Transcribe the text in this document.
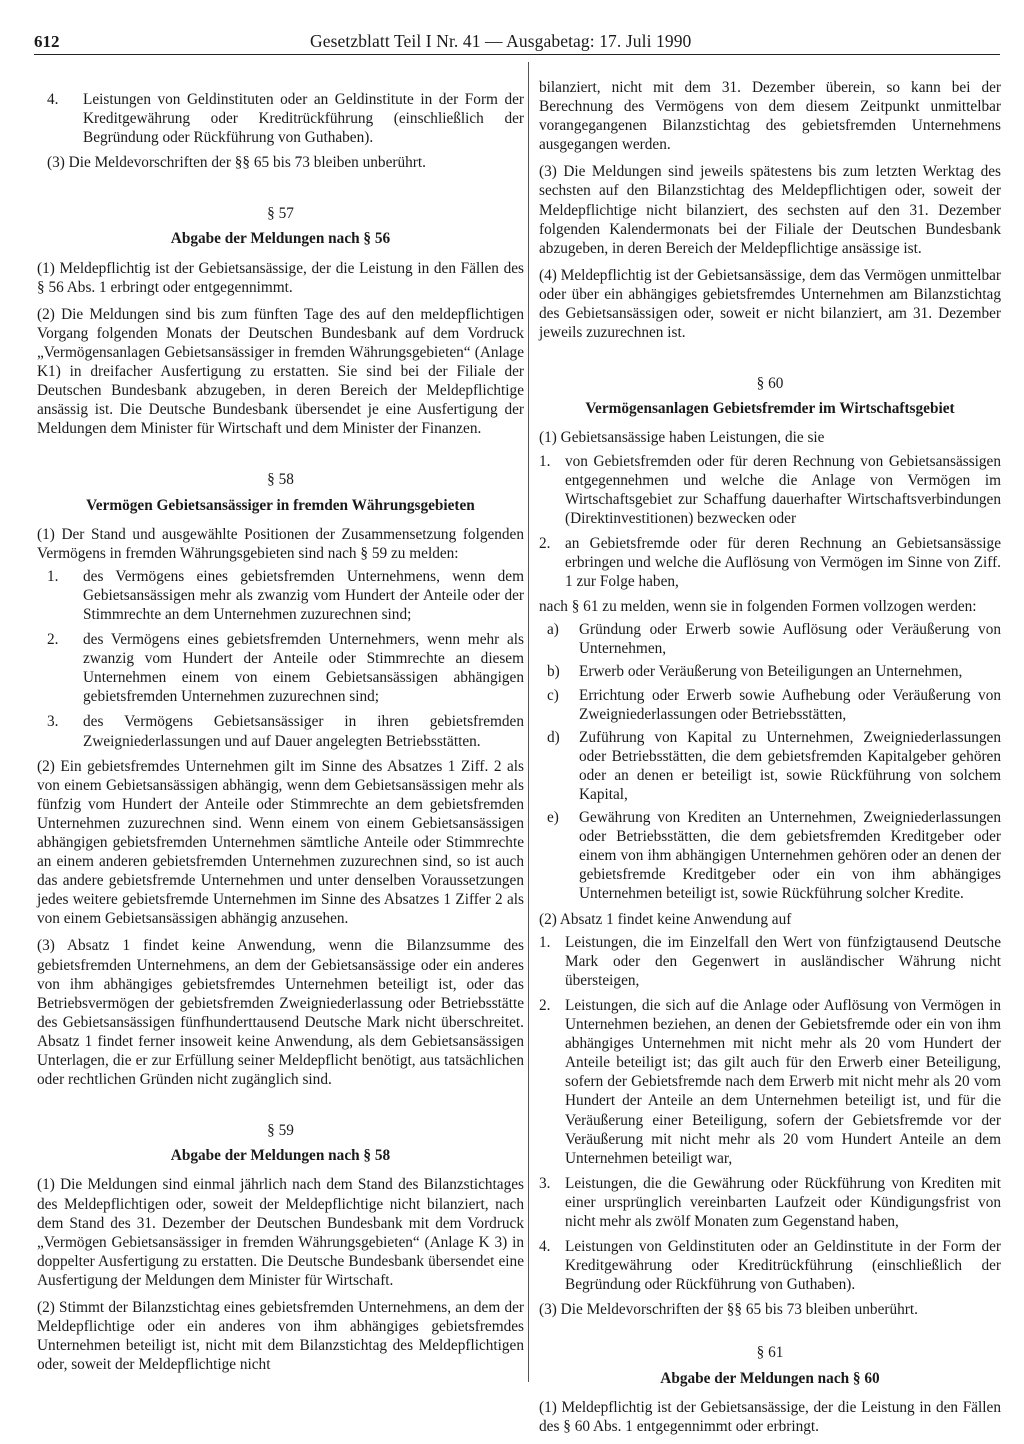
612	Gesetzblatt Teil I Nr. 41 — Ausgabetag: 17. Juli 1990
4.	Leistungen von Geldinstituten oder an Geldinstitute in der Form der Kreditgewährung oder Kreditrückführung (einschließlich der Begründung oder Rückführung von Guthaben).

(3) Die Meldevorschriften der §§ 65 bis 73 bleiben unberührt.

§ 57
Abgabe der Meldungen nach § 56

(1) Meldepflichtig ist der Gebietsansässige, der die Leistung in den Fällen des § 56 Abs. 1 erbringt oder entgegennimmt.

(2) Die Meldungen sind bis zum fünften Tage des auf den meldepflichtigen Vorgang folgenden Monats der Deutschen Bundesbank auf dem Vordruck „Vermögensanlagen Gebietsansässiger in fremden Währungsgebieten“ (Anlage K1) in dreifacher Ausfertigung zu erstatten. Sie sind bei der Filiale der Deutschen Bundesbank abzugeben, in deren Bereich der Meldepflichtige ansässig ist. Die Deutsche Bundesbank übersendet je eine Ausfertigung der Meldungen dem Minister für Wirtschaft und dem Minister der Finanzen.

§ 58
Vermögen Gebietsansässiger in fremden Währungsgebieten

(1) Der Stand und ausgewählte Positionen der Zusammensetzung folgenden Vermögens in fremden Währungsgebieten sind nach § 59 zu melden:

1.	des Vermögens eines gebietsfremden Unternehmens, wenn dem Gebietsansässigen mehr als zwanzig vom Hundert der Anteile oder der Stimmrechte an dem Unternehmen zuzurechnen sind;
2.	des Vermögens eines gebietsfremden Unternehmers, wenn mehr als zwanzig vom Hundert der Anteile oder Stimmrechte an diesem Unternehmen einem von einem Gebietsansässigen abhängigen gebietsfremden Unternehmen zuzurechnen sind;
3.	des Vermögens Gebietsansässiger in ihren gebietsfremden Zweigniederlassungen und auf Dauer angelegten Betriebsstätten.

(2) Ein gebietsfremdes Unternehmen gilt im Sinne des Absatzes 1 Ziff. 2 als von einem Gebietsansässigen abhängig, wenn dem Gebietsansässigen mehr als fünfzig vom Hundert der Anteile oder Stimmrechte an dem gebietsfremden Unternehmen zuzurechnen sind. Wenn einem von einem Gebietsansässigen abhängigen gebietsfremden Unternehmen sämtliche Anteile oder Stimmrechte an einem anderen gebietsfremden Unternehmen zuzurechnen sind, so ist auch das andere gebietsfremde Unternehmen und unter denselben Voraussetzungen jedes weitere gebietsfremde Unternehmen im Sinne des Absatzes 1 Ziffer 2 als von einem Gebietsansässigen abhängig anzusehen.

(3) Absatz 1 findet keine Anwendung, wenn die Bilanzsumme des gebietsfremden Unternehmens, an dem der Gebietsansässige oder ein anderes von ihm abhängiges gebietsfremdes Unternehmen beteiligt ist, oder das Betriebsvermögen der gebietsfremden Zweigniederlassung oder Betriebsstätte des Gebietsansässigen fünfhunderttausend Deutsche Mark nicht überschreitet. Absatz 1 findet ferner insoweit keine Anwendung, als dem Gebietsansässigen Unterlagen, die er zur Erfüllung seiner Meldepflicht benötigt, aus tatsächlichen oder rechtlichen Gründen nicht zugänglich sind.

§ 59
Abgabe der Meldungen nach § 58

(1) Die Meldungen sind einmal jährlich nach dem Stand des Bilanzstichtages des Meldepflichtigen oder, soweit der Meldepflichtige nicht bilanziert, nach dem Stand des 31. Dezember der Deutschen Bundesbank mit dem Vordruck „Vermögen Gebietsansässiger in fremden Währungsgebieten“ (Anlage K 3) in doppelter Ausfertigung zu erstatten. Die Deutsche Bundesbank übersendet eine Ausfertigung der Meldungen dem Minister für Wirtschaft.

(2) Stimmt der Bilanzstichtag eines gebietsfremden Unternehmens, an dem der Meldepflichtige oder ein anderes von ihm abhängiges gebietsfremdes Unternehmen beteiligt ist, nicht mit dem Bilanzstichtag des Meldepflichtigen oder, soweit der Meldepflichtige nicht

bilanziert, nicht mit dem 31. Dezember überein, so kann bei der Berechnung des Vermögens von dem diesem Zeitpunkt unmittelbar vorangegangenen Bilanzstichtag des gebietsfremden Unternehmens ausgegangen werden.

(3) Die Meldungen sind jeweils spätestens bis zum letzten Werktag des sechsten auf den Bilanzstichtag des Meldepflichtigen oder, soweit der Meldepflichtige nicht bilanziert, des sechsten auf den 31. Dezember folgenden Kalendermonats bei der Filiale der Deutschen Bundesbank abzugeben, in deren Bereich der Meldepflichtige ansässige ist.

(4) Meldepflichtig ist der Gebietsansässige, dem das Vermögen unmittelbar oder über ein abhängiges gebietsfremdes Unternehmen am Bilanzstichtag des Gebietsansässigen oder, soweit er nicht bilanziert, am 31. Dezember jeweils zuzurechnen ist.

§ 60
Vermögensanlagen Gebietsfremder im Wirtschaftsgebiet

(1) Gebietsansässige haben Leistungen, die sie

1. von Gebietsfremden oder für deren Rechnung von Gebietsansässigen entgegennehmen und welche die Anlage von Vermögen im Wirtschaftsgebiet zur Schaffung dauerhafter Wirtschaftsverbindungen (Direktinvestitionen) bezwecken oder
2. an Gebietsfremde oder für deren Rechnung an Gebietsansässige erbringen und welche die Auflösung von Vermögen im Sinne von Ziff. 1 zur Folge haben,

nach § 61 zu melden, wenn sie in folgenden Formen vollzogen werden:

a)	Gründung oder Erwerb sowie Auflösung oder Veräußerung von Unternehmen,
b)	Erwerb oder Veräußerung von Beteiligungen an Unternehmen,
c)	Errichtung oder Erwerb sowie Aufhebung oder Veräußerung von Zweigniederlassungen oder Betriebsstätten,
d)	Zuführung von Kapital zu Unternehmen, Zweigniederlassungen oder Betriebsstätten, die dem gebietsfremden Kapitalgeber gehören oder an denen er beteiligt ist, sowie Rückführung von solchem Kapital,
e)	Gewährung von Krediten an Unternehmen, Zweigniederlassungen oder Betriebsstätten, die dem gebietsfremden Kreditgeber oder einem von ihm abhängigen Unternehmen gehören oder an denen der gebietsfremde Kreditgeber oder ein von ihm abhängiges Unternehmen beteiligt ist, sowie Rückführung solcher Kredite.

(2) Absatz 1 findet keine Anwendung auf

1. Leistungen, die im Einzelfall den Wert von fünfzigtausend Deutsche Mark oder den Gegenwert in ausländischer Währung nicht übersteigen,
2. Leistungen, die sich auf die Anlage oder Auflösung von Vermögen in Unternehmen beziehen, an denen der Gebietsfremde oder ein von ihm abhängiges Unternehmen mit nicht mehr als 20 vom Hundert der Anteile beteiligt ist; das gilt auch für den Erwerb einer Beteiligung, sofern der Gebietsfremde nach dem Erwerb mit nicht mehr als 20 vom Hundert der Anteile an dem Unternehmen beteiligt ist, und für die Veräußerung einer Beteiligung, sofern der Gebietsfremde vor der Veräußerung mit nicht mehr als 20 vom Hundert Anteile an dem Unternehmen beteiligt war,
3. Leistungen, die die Gewährung oder Rückführung von Krediten mit einer ursprünglich vereinbarten Laufzeit oder Kündigungsfrist von nicht mehr als zwölf Monaten zum Gegenstand haben,
4. Leistungen von Geldinstituten oder an Geldinstitute in der Form der Kreditgewährung oder Kreditrückführung (einschließlich der Begründung oder Rückführung von Guthaben).

(3) Die Meldevorschriften der §§ 65 bis 73 bleiben unberührt.

§ 61
Abgabe der Meldungen nach § 60

(1) Meldepflichtig ist der Gebietsansässige, der die Leistung in den Fällen des § 60 Abs. 1 entgegennimmt oder erbringt.
